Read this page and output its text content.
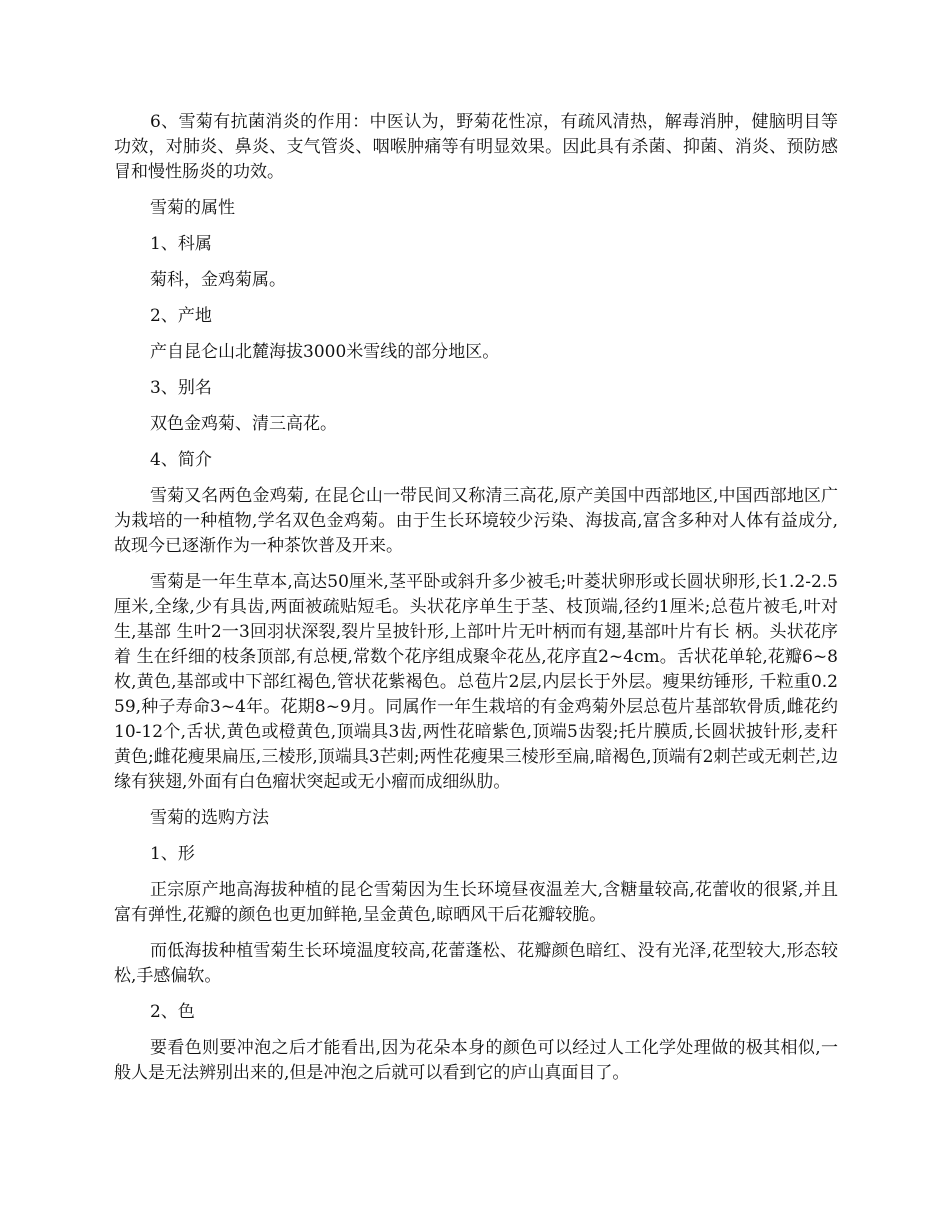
6、雪菊有抗菌消炎的作用：中医认为，野菊花性凉，有疏风清热，解毒消肿，健脑明目等功效，对肺炎、鼻炎、支气管炎、咽喉肿痛等有明显效果。因此具有杀菌、抑菌、消炎、预防感冒和慢性肠炎的功效。

雪菊的属性

1、科属

菊科，金鸡菊属。

2、产地

产自昆仑山北麓海拔3000米雪线的部分地区。

3、别名

双色金鸡菊、清三高花。

4、简介

雪菊又名两色金鸡菊, 在昆仑山一带民间又称清三高花,原产美国中西部地区,中国西部地区广为栽培的一种植物,学名双色金鸡菊。由于生长环境较少污染、海拔高,富含多种对人体有益成分,故现今已逐渐作为一种茶饮普及开来。

雪菊是一年生草本,高达50厘米,茎平卧或斜升多少被毛;叶菱状卵形或长圆状卵形,长1.2-2.5厘米,全缘,少有具齿,两面被疏贴短毛。头状花序单生于茎、枝顶端,径约1厘米;总苞片被毛,叶对生,基部 生叶2一3回羽状深裂,裂片呈披针形,上部叶片无叶柄而有翅,基部叶片有长 柄。头状花序着 生在纤细的枝条顶部,有总梗,常数个花序组成聚伞花丛,花序直2~4cm。舌状花单轮,花瓣6~8枚,黄色,基部或中下部红褐色,管状花紫褐色。总苞片2层,内层长于外层。瘦果纺锤形, 千粒重0.259,种子寿命3~4年。花期8~9月。同属作一年生栽培的有金鸡菊外层总苞片基部软骨质,雌花约10-12个,舌状,黄色或橙黄色,顶端具3齿,两性花暗紫色,顶端5齿裂;托片膜质,长圆状披针形,麦秆黄色;雌花瘦果扁压,三棱形,顶端具3芒刺;两性花瘦果三棱形至扁,暗褐色,顶端有2刺芒或无刺芒,边缘有狭翅,外面有白色瘤状突起或无小瘤而成细纵肋。

雪菊的选购方法

1、形

正宗原产地高海拔种植的昆仑雪菊因为生长环境昼夜温差大,含糖量较高,花蕾收的很紧,并且富有弹性,花瓣的颜色也更加鲜艳,呈金黄色,晾晒风干后花瓣较脆。

而低海拔种植雪菊生长环境温度较高,花蕾蓬松、花瓣颜色暗红、没有光泽,花型较大,形态较松,手感偏软。

2、色

要看色则要冲泡之后才能看出,因为花朵本身的颜色可以经过人工化学处理做的极其相似,一般人是无法辨别出来的,但是冲泡之后就可以看到它的庐山真面目了。
